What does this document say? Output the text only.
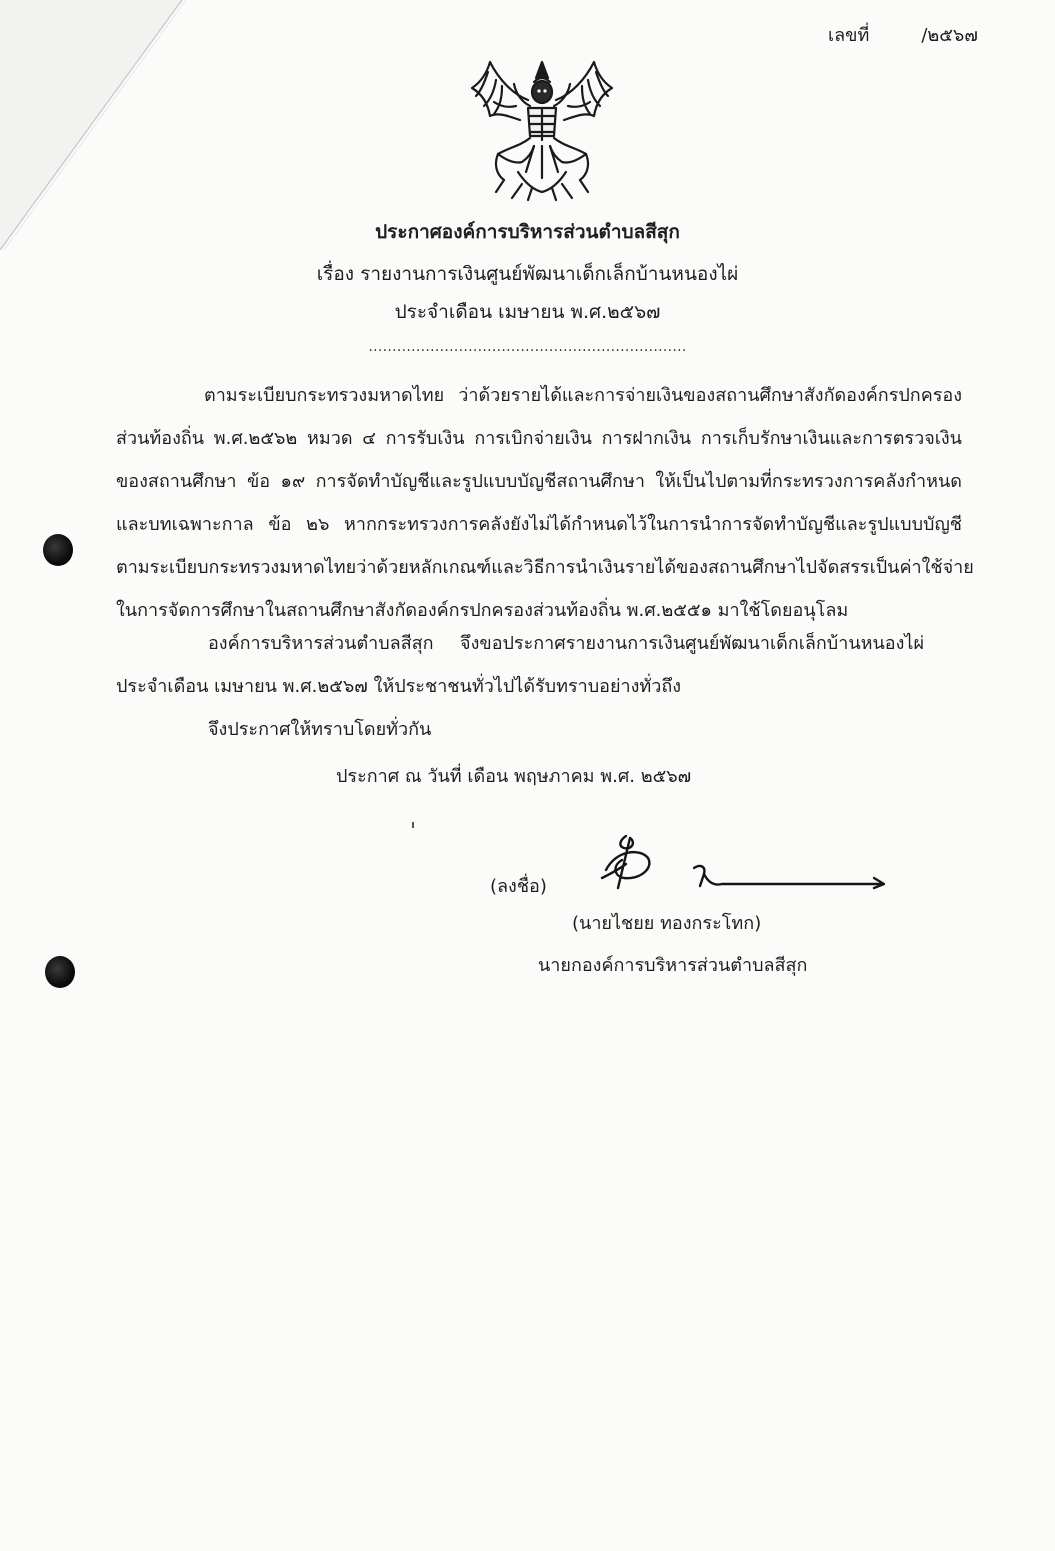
เลขที่	/๒๕๖๗
ประกาศองค์การบริหารส่วนตำบลสีสุก
เรื่อง รายงานการเงินศูนย์พัฒนาเด็กเล็กบ้านหนองไผ่
ประจำเดือน เมษายน พ.ศ.๒๕๖๗
...................................................................
ตามระเบียบกระทรวงมหาดไทย ว่าด้วยรายได้และการจ่ายเงินของสถานศึกษาสังกัดองค์กรปกครอง
ส่วนท้องถิ่น พ.ศ.๒๕๖๒ หมวด ๔ การรับเงิน การเบิกจ่ายเงิน การฝากเงิน การเก็บรักษาเงินและการตรวจเงิน
ของสถานศึกษา ข้อ ๑๙ การจัดทำบัญชีและรูปแบบบัญชีสถานศึกษา ให้เป็นไปตามที่กระทรวงการคลังกำหนด
และบทเฉพาะกาล ข้อ ๒๖ หากกระทรวงการคลังยังไม่ได้กำหนดไว้ในการนำการจัดทำบัญชีและรูปแบบบัญชี
ตามระเบียบกระทรวงมหาดไทยว่าด้วยหลักเกณฑ์และวิธีการนำเงินรายได้ของสถานศึกษาไปจัดสรรเป็นค่าใช้จ่าย
ในการจัดการศึกษาในสถานศึกษาสังกัดองค์กรปกครองส่วนท้องถิ่น พ.ศ.๒๕๕๑ มาใช้โดยอนุโลม
องค์การบริหารส่วนตำบลสีสุก จึงขอประกาศรายงานการเงินศูนย์พัฒนาเด็กเล็กบ้านหนองไผ่
ประจำเดือน เมษายน พ.ศ.๒๕๖๗ ให้ประชาชนทั่วไปได้รับทราบอย่างทั่วถึง
จึงประกาศให้ทราบโดยทั่วกัน
ประกาศ ณ วันที่ เดือน พฤษภาคม พ.ศ. ๒๕๖๗
(ลงชื่อ)
(นายไชยย ทองกระโทก)
นายกองค์การบริหารส่วนตำบลสีสุก
